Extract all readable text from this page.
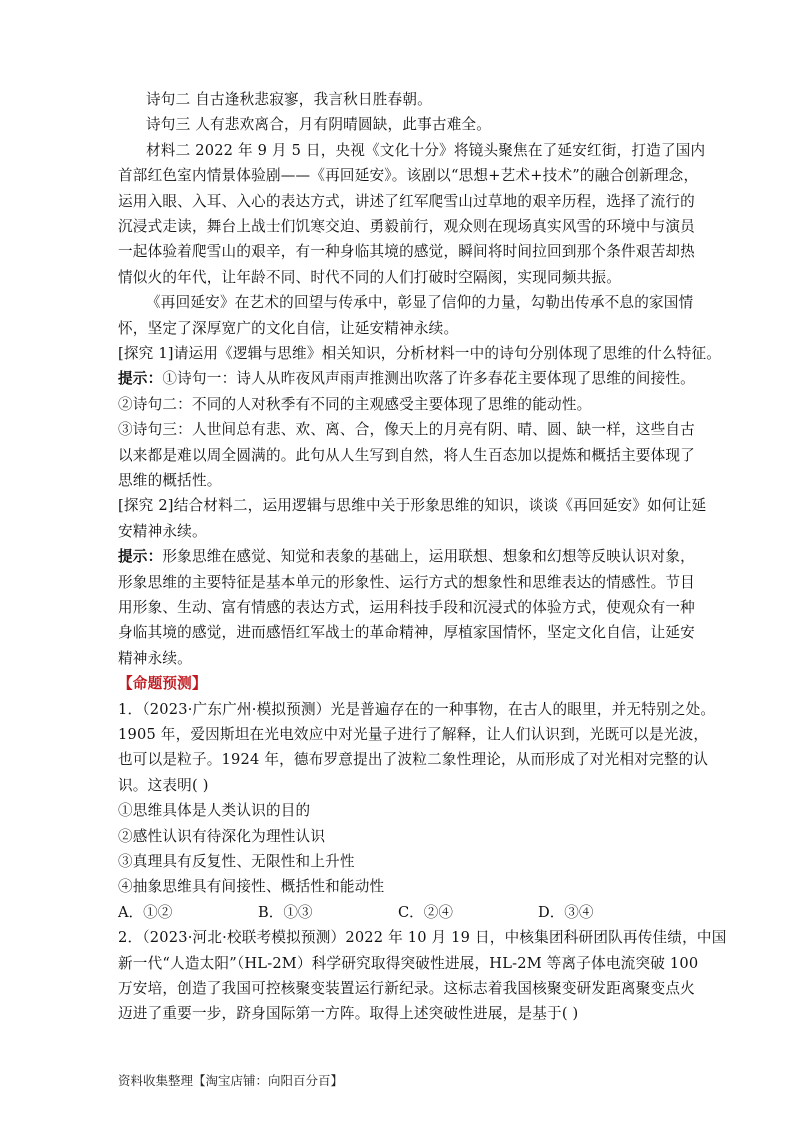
诗句二 自古逢秋悲寂寥，我言秋日胜春朝。
诗句三 人有悲欢离合，月有阴晴圆缺，此事古难全。
材料二 2022 年 9 月 5 日，央视《文化十分》将镜头聚焦在了延安红街，打造了国内
首部红色室内情景体验剧——《再回延安》。该剧以“思想+艺术+技术”的融合创新理念，
运用入眼、入耳、入心的表达方式，讲述了红军爬雪山过草地的艰辛历程，选择了流行的
沉浸式走读，舞台上战士们饥寒交迫、勇毅前行，观众则在现场真实风雪的环境中与演员
一起体验着爬雪山的艰辛，有一种身临其境的感觉，瞬间将时间拉回到那个条件艰苦却热
情似火的年代，让年龄不同、时代不同的人们打破时空隔阂，实现同频共振。
《再回延安》在艺术的回望与传承中，彰显了信仰的力量，勾勒出传承不息的家国情
怀，坚定了深厚宽广的文化自信，让延安精神永续。
[探究 1]请运用《逻辑与思维》相关知识，分析材料一中的诗句分别体现了思维的什么特征。
提示：①诗句一：诗人从昨夜风声雨声推测出吹落了许多春花主要体现了思维的间接性。
②诗句二：不同的人对秋季有不同的主观感受主要体现了思维的能动性。
③诗句三：人世间总有悲、欢、离、合，像天上的月亮有阴、晴、圆、缺一样，这些自古
以来都是难以周全圆满的。此句从人生写到自然，将人生百态加以提炼和概括主要体现了
思维的概括性。
[探究 2]结合材料二，运用逻辑与思维中关于形象思维的知识，谈谈《再回延安》如何让延
安精神永续。
提示：形象思维在感觉、知觉和表象的基础上，运用联想、想象和幻想等反映认识对象，
形象思维的主要特征是基本单元的形象性、运行方式的想象性和思维表达的情感性。节目
用形象、生动、富有情感的表达方式，运用科技手段和沉浸式的体验方式，使观众有一种
身临其境的感觉，进而感悟红军战士的革命精神，厚植家国情怀，坚定文化自信，让延安
精神永续。
【命题预测】
1．（2023·广东广州·模拟预测）光是普遍存在的一种事物，在古人的眼里，并无特别之处。
1905 年，爱因斯坦在光电效应中对光量子进行了解释，让人们认识到，光既可以是光波，
也可以是粒子。1924 年，德布罗意提出了波粒二象性理论，从而形成了对光相对完整的认
识。这表明( )
①思维具体是人类认识的目的
②感性认识有待深化为理性认识
③真理具有反复性、无限性和上升性
④抽象思维具有间接性、概括性和能动性
A．①②	B．①③	C．②④	D．③④
2．（2023·河北·校联考模拟预测）2022 年 10 月 19 日，中核集团科研团队再传佳绩，中国
新一代“人造太阳”（HL-2M）科学研究取得突破性进展，HL-2M 等离子体电流突破 100
万安培，创造了我国可控核聚变装置运行新纪录。这标志着我国核聚变研发距离聚变点火
迈进了重要一步，跻身国际第一方阵。取得上述突破性进展，是基于( )
资料收集整理【淘宝店铺：向阳百分百】
